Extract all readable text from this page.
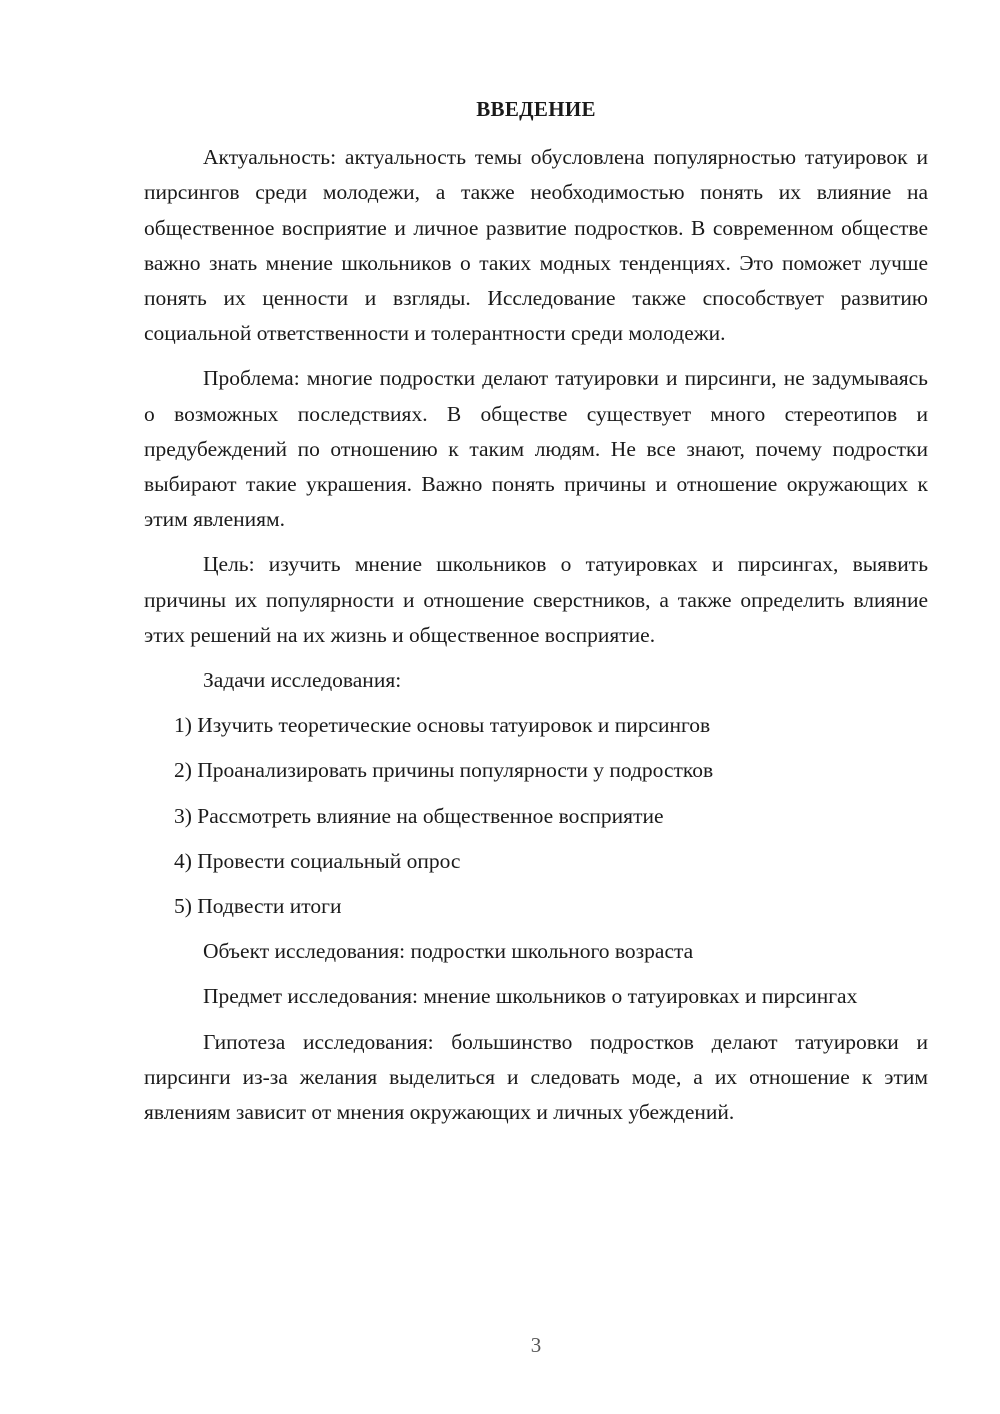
ВВЕДЕНИЕ

Актуальность: актуальность темы обусловлена популярностью татуировок и пирсингов среди молодежи, а также необходимостью понять их влияние на общественное восприятие и личное развитие подростков. В современном обществе важно знать мнение школьников о таких модных тенденциях. Это поможет лучше понять их ценности и взгляды. Исследование также способствует развитию социальной ответственности и толерантности среди молодежи.

Проблема: многие подростки делают татуировки и пирсинги, не задумываясь о возможных последствиях. В обществе существует много стереотипов и предубеждений по отношению к таким людям. Не все знают, почему подростки выбирают такие украшения. Важно понять причины и отношение окружающих к этим явлениям.

Цель: изучить мнение школьников о татуировках и пирсингах, выявить причины их популярности и отношение сверстников, а также определить влияние этих решений на их жизнь и общественное восприятие.

Задачи исследования:

1) Изучить теоретические основы татуировок и пирсингов
2) Проанализировать причины популярности у подростков
3) Рассмотреть влияние на общественное восприятие
4) Провести социальный опрос
5) Подвести итоги

Объект исследования: подростки школьного возраста

Предмет исследования: мнение школьников о татуировках и пирсингах

Гипотеза исследования: большинство подростков делают татуировки и пирсинги из-за желания выделиться и следовать моде, а их отношение к этим явлениям зависит от мнения окружающих и личных убеждений.

3
